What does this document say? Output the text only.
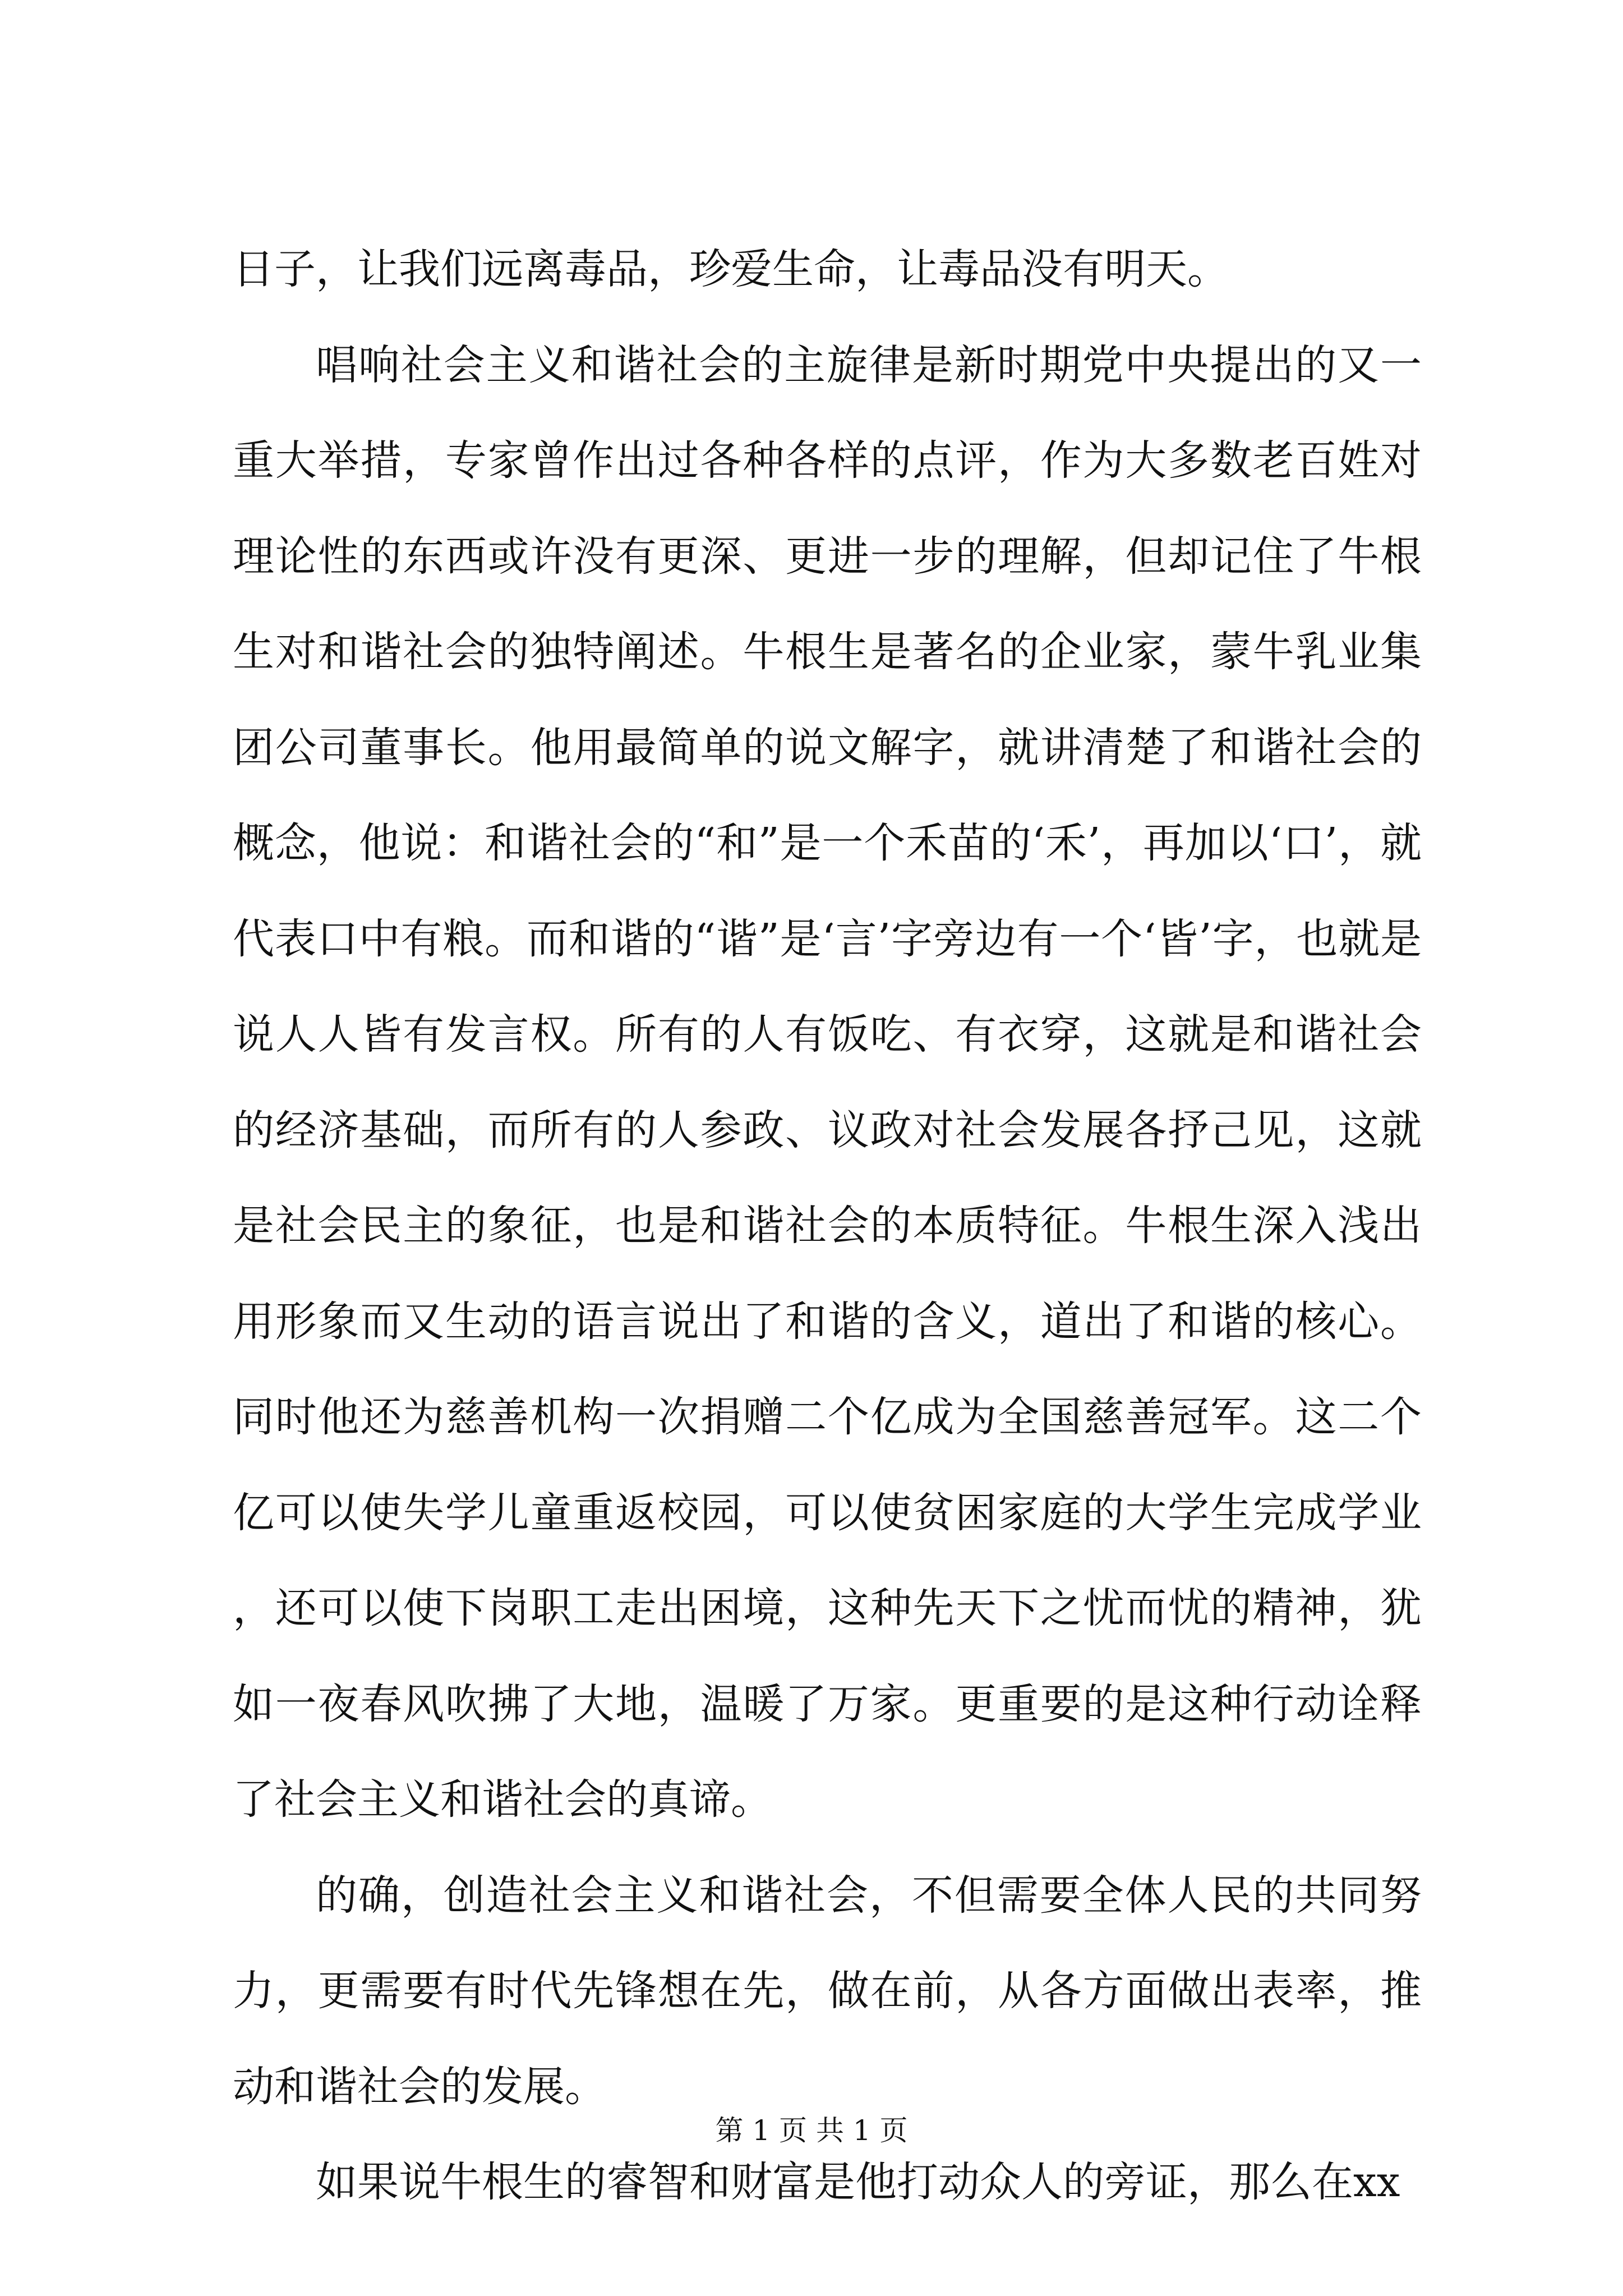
日子，让我们远离毒品，珍爱生命，让毒品没有明天。

唱响社会主义和谐社会的主旋律是新时期党中央提出的又一重大举措，专家曾作出过各种各样的点评，作为大多数老百姓对理论性的东西或许没有更深、更进一步的理解，但却记住了牛根生对和谐社会的独特阐述。牛根生是著名的企业家，蒙牛乳业集团公司董事长。他用最简单的说文解字，就讲清楚了和谐社会的概念，他说：和谐社会的“和”是一个禾苗的‘禾’，再加以‘口’，就代表口中有粮。而和谐的“谐”是‘言’字旁边有一个‘皆’字，也就是说人人皆有发言权。所有的人有饭吃、有衣穿，这就是和谐社会的经济基础，而所有的人参政、议政对社会发展各抒己见，这就是社会民主的象征，也是和谐社会的本质特征。牛根生深入浅出用形象而又生动的语言说出了和谐的含义，道出了和谐的核心。同时他还为慈善机构一次捐赠二个亿成为全国慈善冠军。这二个亿可以使失学儿童重返校园，可以使贫困家庭的大学生完成学业，还可以使下岗职工走出困境，这种先天下之忧而忧的精神，犹如一夜春风吹拂了大地，温暖了万家。更重要的是这种行动诠释了社会主义和谐社会的真谛。

的确，创造社会主义和谐社会，不但需要全体人民的共同努力，更需要有时代先锋想在先，做在前，从各方面做出表率，推动和谐社会的发展。

如果说牛根生的睿智和财富是他打动众人的旁证，那么在xx

第 1 页 共 1 页
